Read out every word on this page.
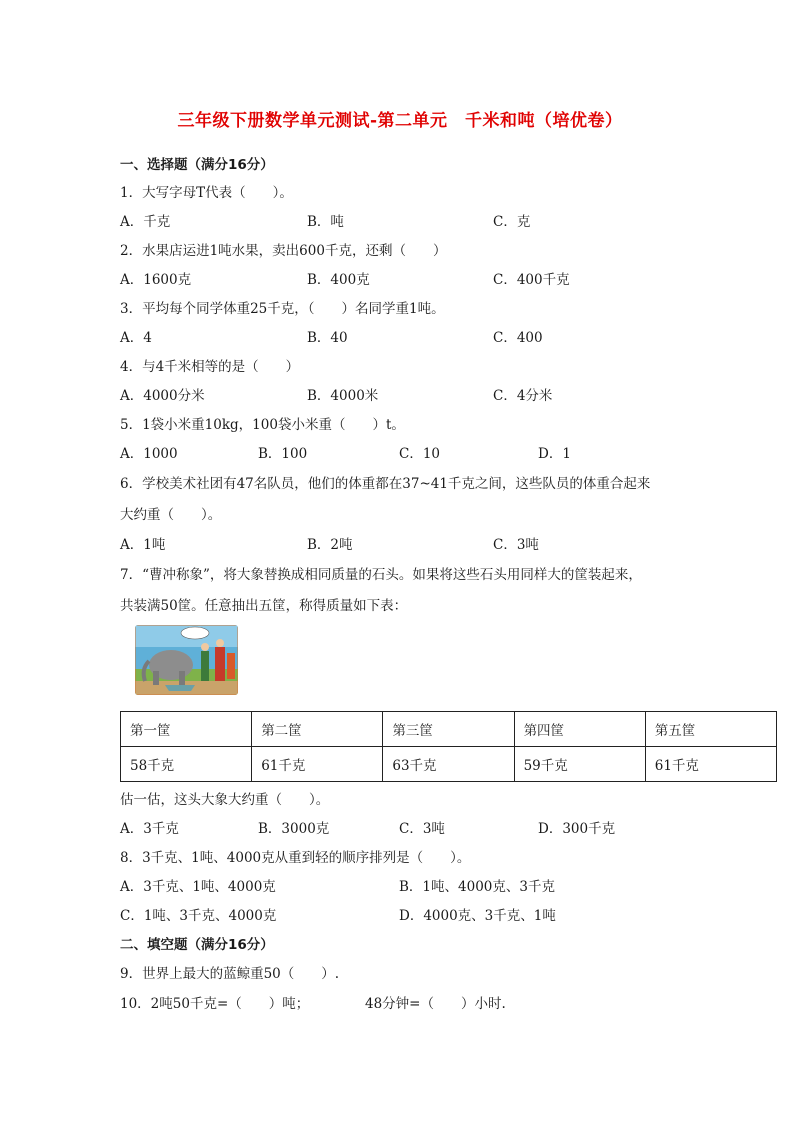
三年级下册数学单元测试-第二单元　千米和吨（培优卷）
一、选择题（满分16分）
1．大写字母T代表（　　）。
A．千克	B．吨	C．克
2．水果店运进1吨水果，卖出600千克，还剩（　　）
A．1600克	B．400克	C．400千克
3．平均每个同学体重25千克，（　　）名同学重1吨。
A．4	B．40	C．400
4．与4千米相等的是（　　）
A．4000分米	B．4000米	C．4分米
5．1袋小米重10kg，100袋小米重（　　）t。
A．1000	B．100	C．10	D．1
6．学校美术社团有47名队员，他们的体重都在37~41千克之间，这些队员的体重合起来
大约重（　　）。
A．1吨	B．2吨	C．3吨
7．“曹冲称象”，将大象替换成相同质量的石头。如果将这些石头用同样大的筐装起来，
共装满50筐。任意抽出五筐，称得质量如下表：
第一筐	第二筐	第三筐	第四筐	第五筐
58千克	61千克	63千克	59千克	61千克
估一估，这头大象大约重（　　）。
A．3千克	B．3000克	C．3吨	D．300千克
8．3千克、1吨、4000克从重到轻的顺序排列是（　　）。
A．3千克、1吨、4000克	B．1吨、4000克、3千克
C．1吨、3千克、4000克	D．4000克、3千克、1吨
二、填空题（满分16分）
9．世界上最大的蓝鲸重50（　　）.
10．2吨50千克=（　　）吨；	48分钟=（　　）小时.
